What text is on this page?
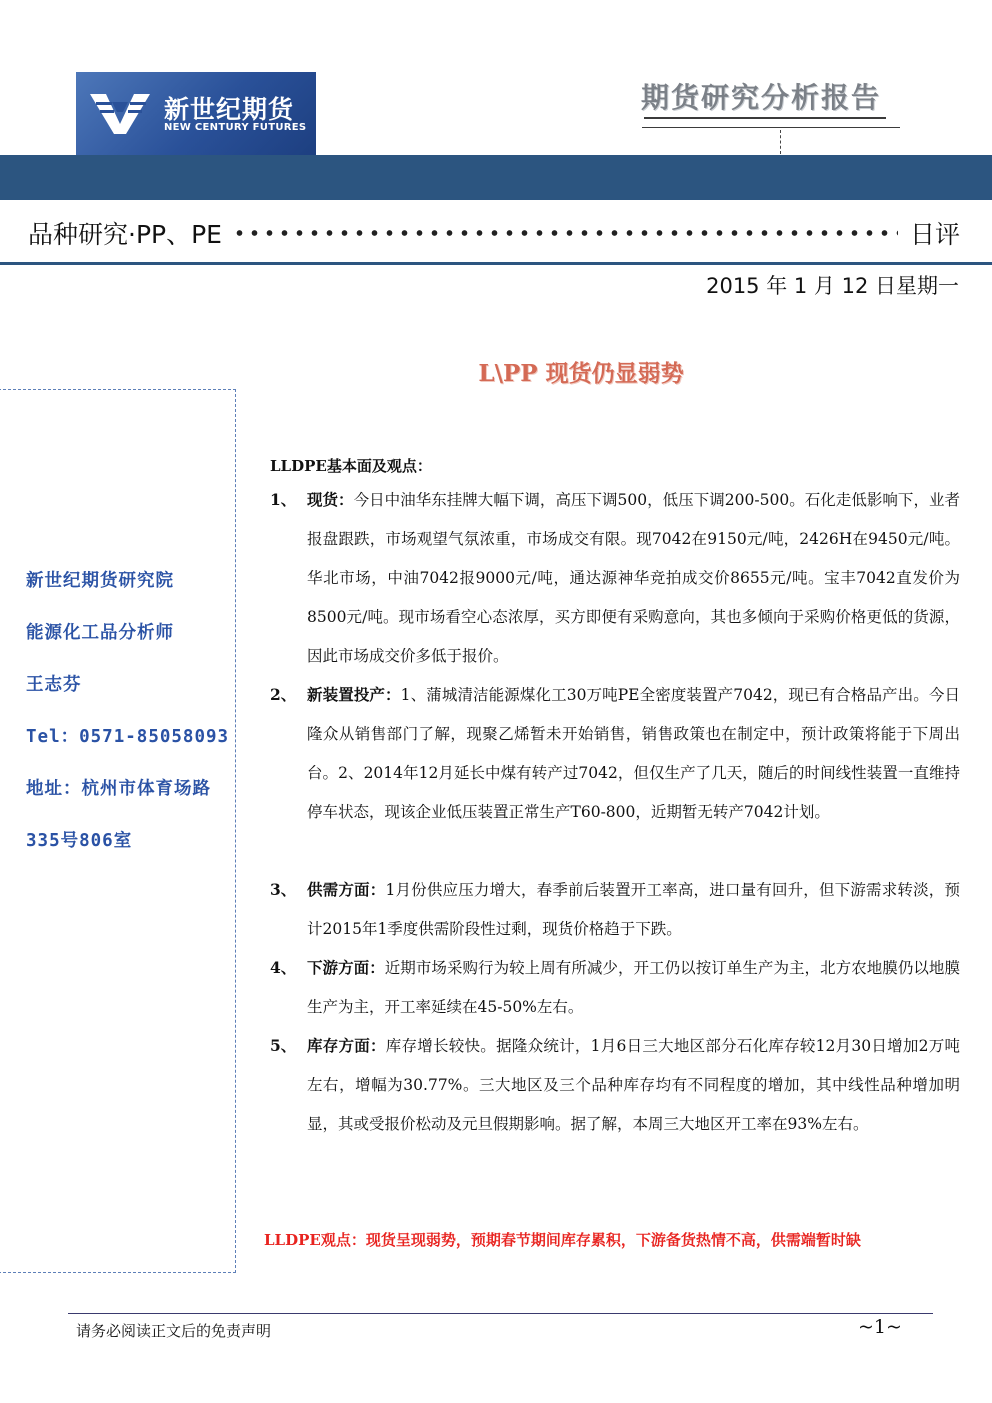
新世纪期货
NEW CENTURY FUTURES
期货研究分析报告
品种研究·PP、PE	日评
2015 年 1 月 12 日星期一
L\PP 现货仍显弱势
新世纪期货研究院
能源化工品分析师
王志芬
Tel：0571-85058093
地址：杭州市体育场路
335号806室
LLDPE基本面及观点：
1、 现货：今日中油华东挂牌大幅下调，高压下调500，低压下调200-500。石化走低影响下，业者报盘跟跌，市场观望气氛浓重，市场成交有限。现7042在9150元/吨，2426H在9450元/吨。华北市场，中油7042报9000元/吨，通达源神华竞拍成交价8655元/吨。宝丰7042直发价为8500元/吨。现市场看空心态浓厚，买方即便有采购意向，其也多倾向于采购价格更低的货源，因此市场成交价多低于报价。
2、 新装置投产：1、蒲城清洁能源煤化工30万吨PE全密度装置产7042，现已有合格品产出。今日隆众从销售部门了解，现聚乙烯暂未开始销售，销售政策也在制定中，预计政策将能于下周出台。2、2014年12月延长中煤有转产过7042，但仅生产了几天，随后的时间线性装置一直维持停车状态，现该企业低压装置正常生产T60-800，近期暂无转产7042计划。
3、 供需方面：1月份供应压力增大，春季前后装置开工率高，进口量有回升，但下游需求转淡，预计2015年1季度供需阶段性过剩，现货价格趋于下跌。
4、 下游方面：近期市场采购行为较上周有所减少，开工仍以按订单生产为主，北方农地膜仍以地膜生产为主，开工率延续在45-50%左右。
5、 库存方面：库存增长较快。据隆众统计，1月6日三大地区部分石化库存较12月30日增加2万吨左右，增幅为30.77%。三大地区及三个品种库存均有不同程度的增加，其中线性品种增加明显，其或受报价松动及元旦假期影响。据了解，本周三大地区开工率在93%左右。
LLDPE观点：现货呈现弱势，预期春节期间库存累积，下游备货热情不高，供需端暂时缺
请务必阅读正文后的免责声明	~1~
